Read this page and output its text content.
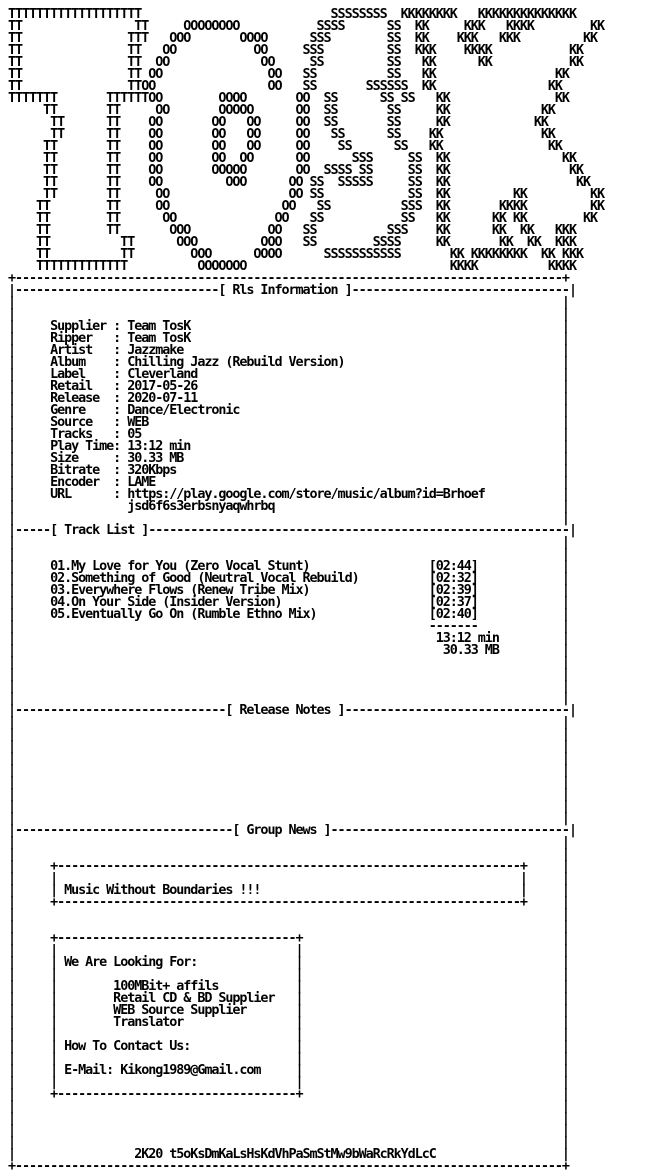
TTTTTTTTTTTTTTTTTTT                           SSSSSSSS  KKKKKKKK   KKKKKKKKKKKKKK
TT                TT     OOOOOOOO           SSSS      SS  KK     KKK   KKKK        KK
TT               TTT   OOO       OOOO      SSS        SS  KK    KKK   KKK         KK
TT               TT   OO           OO     SSS         SS  KKK    KKKK           KK
TT               TT  OO             OO     SS         SS   KK      KK           KK
TT               TT OO               OO   SS          SS   KK                 KK
TT               TTOO                OO   SS       SSSSSS  KK                KK
TTTTTTT       TTTTTTOO        OOOO       OO  SS      SS SS   KK               KK
TT       TT     OO       OOOOO      OO  SS       SS     KK             KK
TT      TT    OO       OO   OO     OO  SS       SS     KK            KK
TT      TT    OO       OO   OO     OO   SS      SS    KK              KK
TT       TT    OO       OO   OO     OO    SS      SS   KK               KK
TT       TT    OO       OO  OO      OO      SSS     SS  KK                KK
TT       TT    OO       OOOOO       OO  SSSS SS     SS  KK                 KK
TT       TT    OO         OOO      OO SS  SSSSS     SS  KK                  KK
TT       TT     OO                 OO SS            SS  KK         KK         KK
TT        TT     OO                OO   SS          SSS  KK       KKKK         KK
TT        TT      OO              OO   SS           SS   KK      KK KK        KK
TT        TT       OOO           OO   SS          SSS    KK      KK  KK   KKK
TT          TT      OOO         OOO   SS        SSSS     KK       KK  KK  KKK
TT          TT        OOO      OOOO      SSSSSSSSSSS       KK KKKKKKKK  KK KKK
TTTTTTTTTTTTT          OOOOOOO                             KKKK          KKKK
+------------------------------------------------------------------------------+
|-----------------------------[ Rls Information ]-------------------------------|
|                                                                              |
|                                                                              |
|     Supplier : Team TosK                                                     |
|     Ripper   : Team TosK                                                     |
|     Artist   : Jazzmake                                                      |
|     Album    : Chilling Jazz (Rebuild Version)                               |
|     Label    : Cleverland                                                    |
|     Retail   : 2017-05-26                                                    |
|     Release  : 2020-07-11                                                    |
|     Genre    : Dance/Electronic                                              |
|     Source   : WEB                                                           |
|     Tracks   : 05                                                            |
|     Play Time: 13:12 min                                                     |
|     Size     : 30.33 MB                                                      |
|     Bitrate  : 320Kbps                                                       |
|     Encoder  : LAME                                                          |
|     URL      : https://play.google.com/store/music/album?id=Brhoef           |
|                jsd6f6s3erbsnyaqwhrbq                                         |
|                                                                              |
|-----[ Track List ]------------------------------------------------------------|
|                                                                              |
|                                                                              |
|     01.My Love for You (Zero Vocal Stunt)                 [02:44]            |
|     02.Something of Good (Neutral Vocal Rebuild)          [02:32]            |
|     03.Everywhere Flows (Renew Tribe Mix)                 [02:39]            |
|     04.On Your Side (Insider Version)                     [02:37]            |
|     05.Eventually Go On (Rumble Ethno Mix)                [02:40]            |
|                                                           -------            |
|                                                            13:12 min         |
|                                                             30.33 MB         |
|                                                                              |
|                                                                              |
|                                                                              |
|                                                                              |
|------------------------------[ Release Notes ]--------------------------------|
|                                                                              |
|                                                                              |
|                                                                              |
|                                                                              |
|                                                                              |
|                                                                              |
|                                                                              |
|                                                                              |
|                                                                              |
|-------------------------------[ Group News ]----------------------------------|
|                                                                              |
|                                                                              |
|     +------------------------------------------------------------------+     |
|     |                                                                  |     |
|     | Music Without Boundaries !!!                                     |     |
|     +------------------------------------------------------------------+     |
|                                                                              |
|                                                                              |
|     +----------------------------------+                                     |
|     |                                  |                                     |
|     | We Are Looking For:              |                                     |
|     |                                  |                                     |
|     |        100MBit+ affils           |                                     |
|     |        Retail CD & BD Supplier   |                                     |
|     |        WEB Source Supplier       |                                     |
|     |        Translator                |                                     |
|     |                                  |                                     |
|     | How To Contact Us:               |                                     |
|     |                                  |                                     |
|     | E-Mail: Kikong1989@Gmail.com     |                                     |
|     |                                  |                                     |
|     +----------------------------------+                                     |
|                                                                              |
|                                                                              |
|                                                                              |
|                                                                              |
|                 2K20 t5oKsDmKaLsHsKdVhPaSmStMw9bWaRcRkYdLcC                  |
+------------------------------------------------------------------------------+
